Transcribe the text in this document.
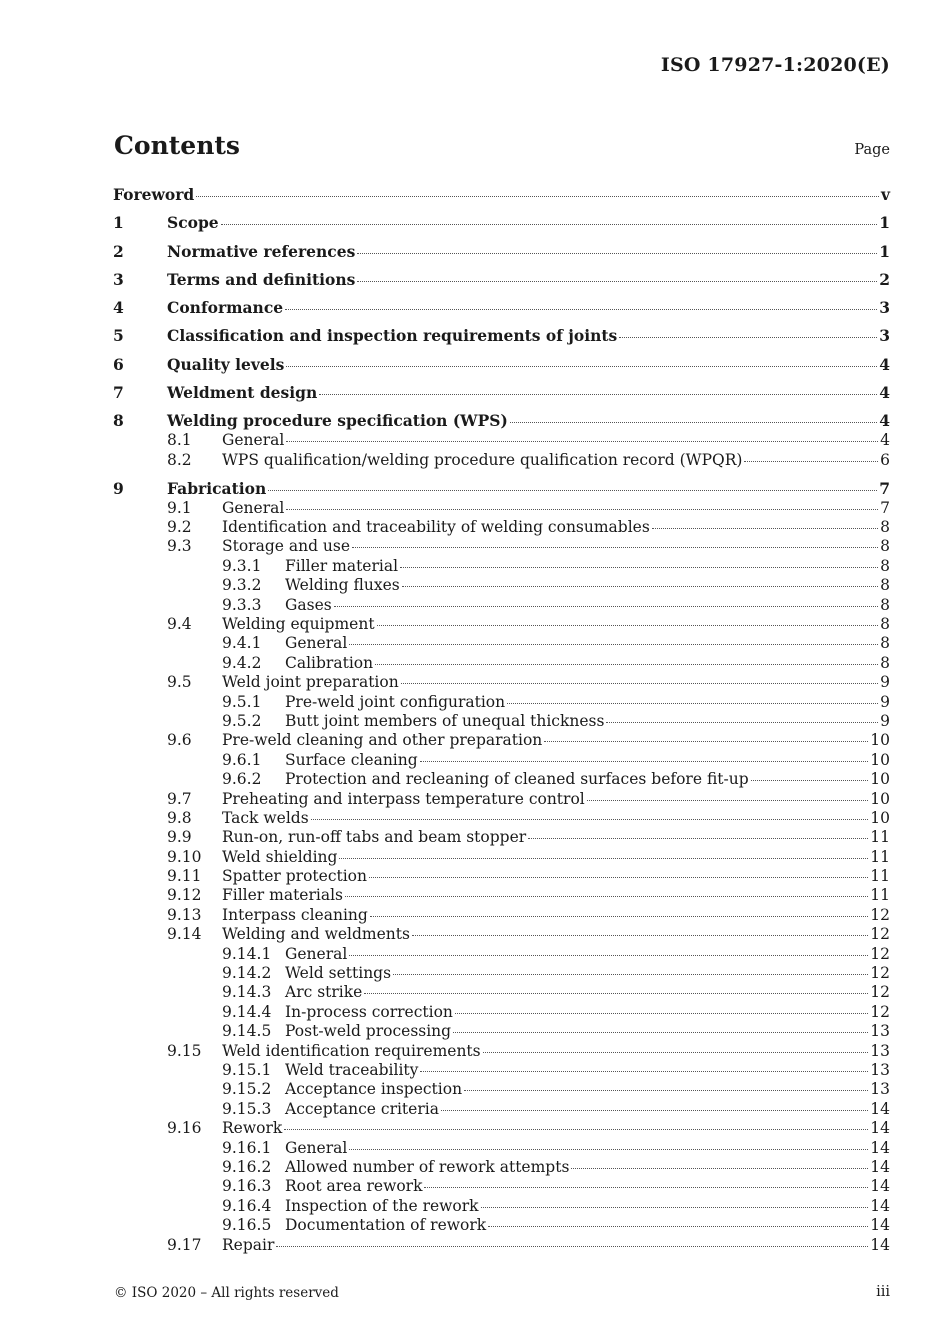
ISO 17927-1:2020(E)
Contents	Page
Foreword	v
1	Scope	1
2	Normative references	1
3	Terms and definitions	2
4	Conformance	3
5	Classification and inspection requirements of joints	3
6	Quality levels	4
7	Weldment design	4
8	Welding procedure specification (WPS)	4
8.1 General	4
8.2 WPS qualification/welding procedure qualification record (WPQR)	6
9	Fabrication	7
9.1 General	7
9.2 Identification and traceability of welding consumables	8
9.3 Storage and use	8
9.3.1 Filler material	8
9.3.2 Welding fluxes	8
9.3.3 Gases	8
9.4 Welding equipment	8
9.4.1 General	8
9.4.2 Calibration	8
9.5 Weld joint preparation	9
9.5.1 Pre-weld joint configuration	9
9.5.2 Butt joint members of unequal thickness	9
9.6 Pre-weld cleaning and other preparation	10
9.6.1 Surface cleaning	10
9.6.2 Protection and recleaning of cleaned surfaces before fit-up	10
9.7 Preheating and interpass temperature control	10
9.8 Tack welds	10
9.9 Run-on, run-off tabs and beam stopper	11
9.10 Weld shielding	11
9.11 Spatter protection	11
9.12 Filler materials	11
9.13 Interpass cleaning	12
9.14 Welding and weldments	12
9.14.1 General	12
9.14.2 Weld settings	12
9.14.3 Arc strike	12
9.14.4 In-process correction	12
9.14.5 Post-weld processing	13
9.15 Weld identification requirements	13
9.15.1 Weld traceability	13
9.15.2 Acceptance inspection	13
9.15.3 Acceptance criteria	14
9.16 Rework	14
9.16.1 General	14
9.16.2 Allowed number of rework attempts	14
9.16.3 Root area rework	14
9.16.4 Inspection of the rework	14
9.16.5 Documentation of rework	14
9.17 Repair	14
© ISO 2020 – All rights reserved	iii
